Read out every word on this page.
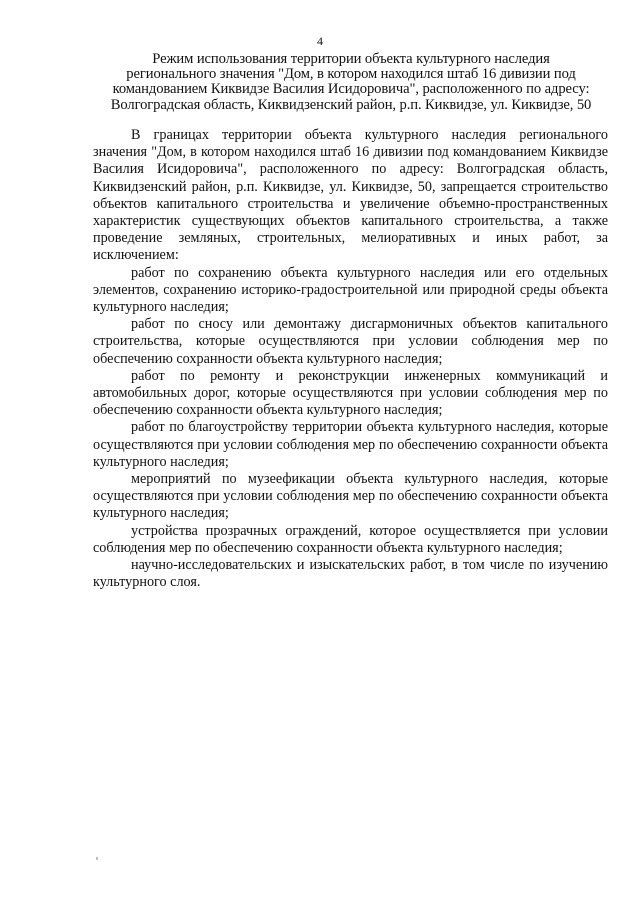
4
Режим использования территории объекта культурного наследия
регионального значения "Дом, в котором находился штаб 16 дивизии под
командованием Киквидзе Василия Исидоровича", расположенного по адресу:
Волгоградская область, Киквидзенский район, р.п. Киквидзе, ул. Киквидзе, 50

В границах территории объекта культурного наследия регионального значения "Дом, в котором находился штаб 16 дивизии под командованием Киквидзе Василия Исидоровича", расположенного по адресу: Волгоградская область, Киквидзенский район, р.п. Киквидзе, ул. Киквидзе, 50, запрещается строительство объектов капитального строительства и увеличение объемно-пространственных характеристик существующих объектов капитального строительства, а также проведение земляных, строительных, мелиоративных и иных работ, за исключением:

работ по сохранению объекта культурного наследия или его отдельных элементов, сохранению историко-градостроительной или природной среды объекта культурного наследия;

работ по сносу или демонтажу дисгармоничных объектов капитального строительства, которые осуществляются при условии соблюдения мер по обеспечению сохранности объекта культурного наследия;

работ по ремонту и реконструкции инженерных коммуникаций и автомобильных дорог, которые осуществляются при условии соблюдения мер по обеспечению сохранности объекта культурного наследия;

работ по благоустройству территории объекта культурного наследия, которые осуществляются при условии соблюдения мер по обеспечению сохранности объекта культурного наследия;

мероприятий по музеефикации объекта культурного наследия, которые осуществляются при условии соблюдения мер по обеспечению сохранности объекта культурного наследия;

устройства прозрачных ограждений, которое осуществляется при условии соблюдения мер по обеспечению сохранности объекта культурного наследия;

научно-исследовательских и изыскательских работ, в том числе по изучению культурного слоя.
